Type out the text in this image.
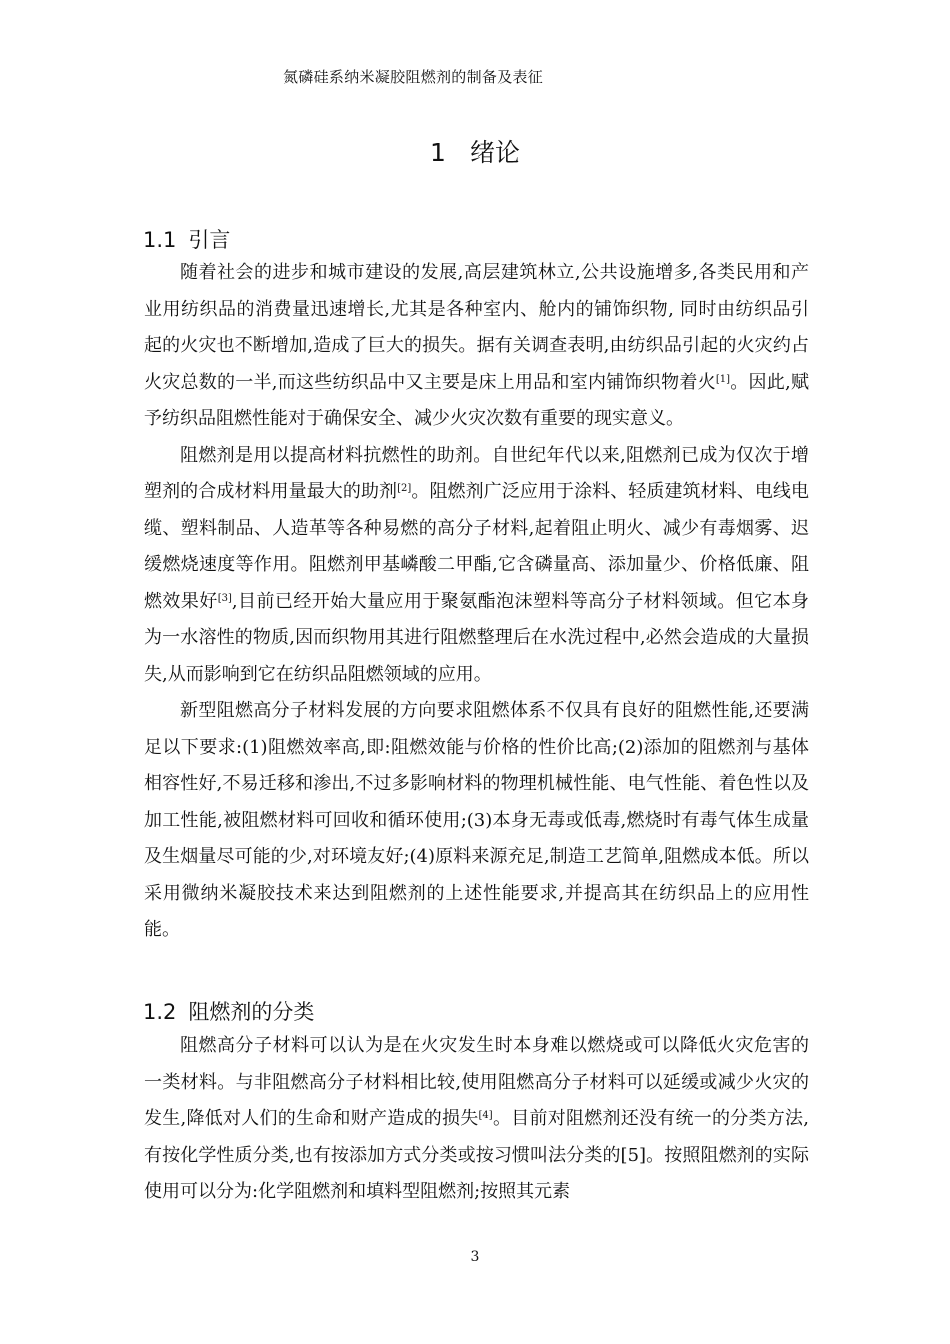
氮磷硅系纳米凝胶阻燃剂的制备及表征
1 绪论
1.1 引言

随着社会的进步和城市建设的发展,高层建筑林立,公共设施增多,各类民用和产业用纺织品的消费量迅速增长,尤其是各种室内、舱内的铺饰织物, 同时由纺织品引起的火灾也不断增加,造成了巨大的损失。据有关调查表明,由纺织品引起的火灾约占火灾总数的一半,而这些纺织品中又主要是床上用品和室内铺饰织物着火[1]。因此,赋予纺织品阻燃性能对于确保安全、减少火灾次数有重要的现实意义。

阻燃剂是用以提高材料抗燃性的助剂。自世纪年代以来,阻燃剂已成为仅次于增塑剂的合成材料用量最大的助剂[2]。阻燃剂广泛应用于涂料、轻质建筑材料、电线电缆、塑料制品、人造革等各种易燃的高分子材料,起着阻止明火、减少有毒烟雾、迟缓燃烧速度等作用。阻燃剂甲基嶙酸二甲酯,它含磷量高、添加量少、价格低廉、阻燃效果好[3],目前已经开始大量应用于聚氨酯泡沫塑料等高分子材料领域。但它本身为一水溶性的物质,因而织物用其进行阻燃整理后在水洗过程中,必然会造成的大量损失,从而影响到它在纺织品阻燃领域的应用。

新型阻燃高分子材料发展的方向要求阻燃体系不仅具有良好的阻燃性能,还要满足以下要求:(1)阻燃效率高,即:阻燃效能与价格的性价比高;(2)添加的阻燃剂与基体相容性好,不易迁移和渗出,不过多影响材料的物理机械性能、电气性能、着色性以及加工性能,被阻燃材料可回收和循环使用;(3)本身无毒或低毒,燃烧时有毒气体生成量及生烟量尽可能的少,对环境友好;(4)原料来源充足,制造工艺简单,阻燃成本低。所以采用微纳米凝胶技术来达到阻燃剂的上述性能要求,并提高其在纺织品上的应用性能。

1.2 阻燃剂的分类

阻燃高分子材料可以认为是在火灾发生时本身难以燃烧或可以降低火灾危害的一类材料。与非阻燃高分子材料相比较,使用阻燃高分子材料可以延缓或减少火灾的发生,降低对人们的生命和财产造成的损失[4]。目前对阻燃剂还没有统一的分类方法,有按化学性质分类,也有按添加方式分类或按习惯叫法分类的[5]。按照阻燃剂的实际使用可以分为:化学阻燃剂和填料型阻燃剂;按照其元素

3
